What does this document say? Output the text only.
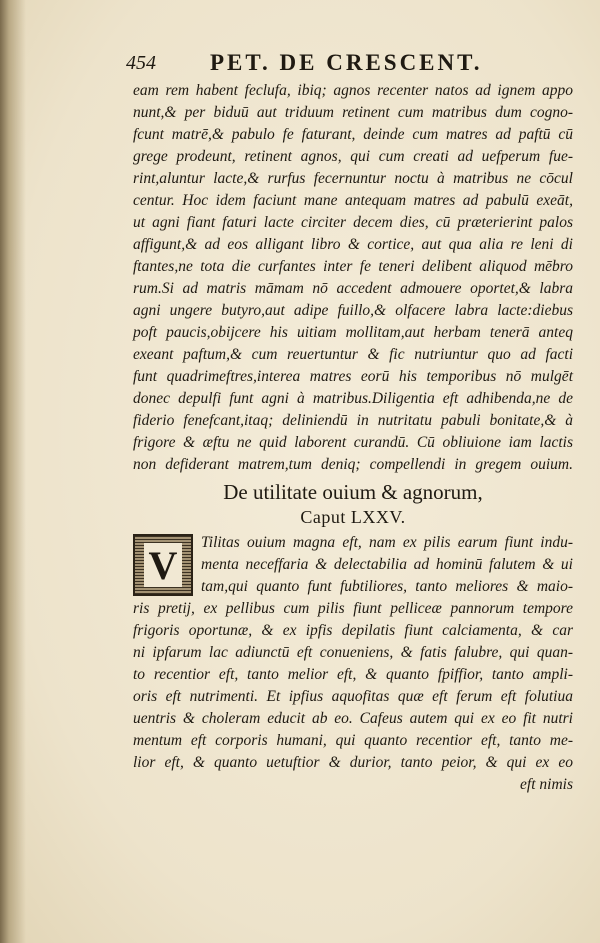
454 PET. DE CRESCENT.
eam rem habent feclufa, ibiq; agnos recenter natos ad ignem appo
nunt,& per biduū aut triduum retinent cum matribus dum cogno-
fcunt matrē,& pabulo fe faturant, deinde cum matres ad paftū cū
grege prodeunt, retinent agnos, qui cum creati ad uefperum fue-
rint,aluntur lacte,& rurfus fecernuntur noctu à matribus ne cōcul
centur. Hoc idem faciunt mane antequam matres ad pabulū exeāt,
ut agni fiant faturi lacte circiter decem dies, cū præterierint palos
affigunt,& ad eos alligant libro & cortice, aut qua alia re leni di
ftantes,ne tota die curfantes inter fe teneri delibent aliquod mēbro
rum.Si ad matris māmam nō accedent admouere oportet,& labra
agni ungere butyro,aut adipe fuillo,& olfacere labra lacte:diebus
poft paucis,obijcere his uitiam mollitam,aut herbam tenerā anteq
exeant paftum,& cum reuertuntur & fic nutriuntur quo ad facti
funt quadrimeftres,interea matres eorū his temporibus nō mulgēt
donec depulfi funt agni à matribus.Diligentia eft adhibenda,ne de
fiderio fenefcant,itaq; deliniendū in nutritatu pabuli bonitate,& à
frigore & æftu ne quid laborent curandū. Cū obliuione iam lactis
non defiderant matrem,tum deniq; compellendi in gregem ouium.
De utilitate ouium & agnorum,
Caput LXXV.
V	Tilitas ouium magna eft, nam ex pilis earum fiunt indu-
menta neceffaria & delectabilia ad hominū falutem & ui
tam,qui quanto funt fubtiliores, tanto meliores & maio-
ris pretij, ex pellibus cum pilis fiunt pelliceæ pannorum tempore
frigoris oportunæ, & ex ipfis depilatis fiunt calciamenta, & car
ni ipfarum lac adiunctū eft conueniens, & fatis falubre, qui quan-
to recentior eft, tanto melior eft, & quanto fpiffior, tanto ampli-
oris eft nutrimenti. Et ipfius aquofitas quæ eft ferum eft folutiua
uentris & choleram educit ab eo. Cafeus autem qui ex eo fit nutri
mentum eft corporis humani, qui quanto recentior eft, tanto me-
lior eft, & quanto uetuftior & durior, tanto peior, & qui ex eo
eft nimis
